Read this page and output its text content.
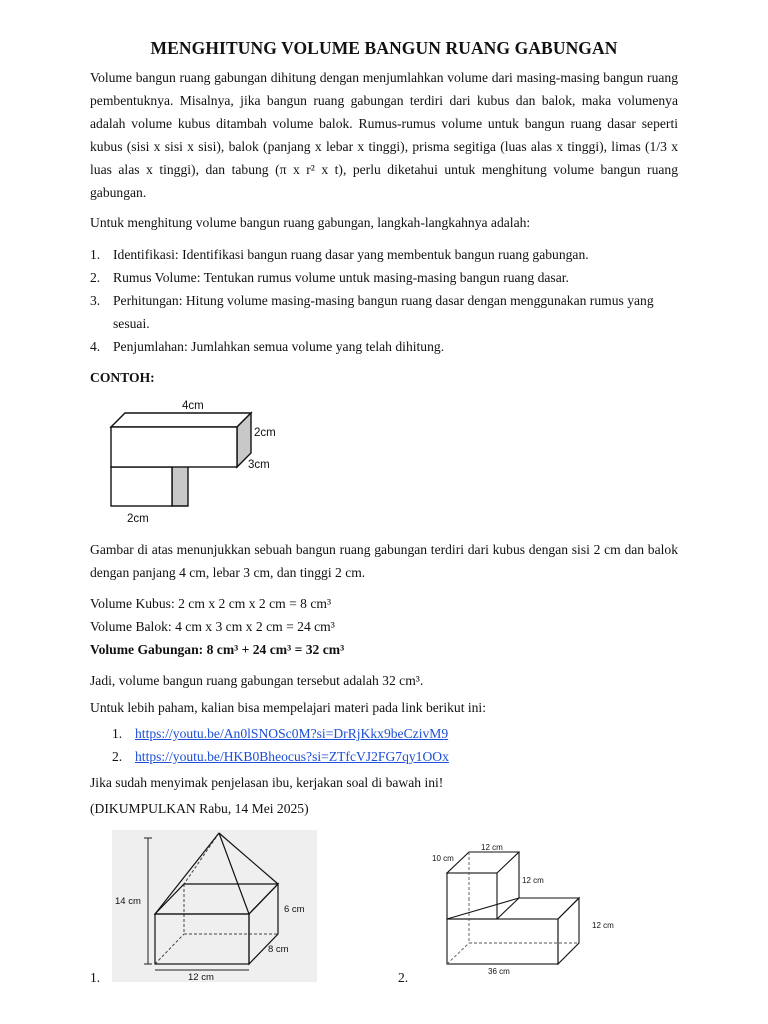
MENGHITUNG VOLUME BANGUN RUANG GABUNGAN

Volume bangun ruang gabungan dihitung dengan menjumlahkan volume dari masing-masing bangun ruang pembentuknya. Misalnya, jika bangun ruang gabungan terdiri dari kubus dan balok, maka volumenya adalah volume kubus ditambah volume balok. Rumus-rumus volume untuk bangun ruang dasar seperti kubus (sisi x sisi x sisi), balok (panjang x lebar x tinggi), prisma segitiga (luas alas x tinggi), limas (1/3 x luas alas x tinggi), dan tabung (π x r² x t), perlu diketahui untuk menghitung volume bangun ruang gabungan.

Untuk menghitung volume bangun ruang gabungan, langkah-langkahnya adalah:

1. Identifikasi: Identifikasi bangun ruang dasar yang membentuk bangun ruang gabungan.
2. Rumus Volume: Tentukan rumus volume untuk masing-masing bangun ruang dasar.
3. Perhitungan: Hitung volume masing-masing bangun ruang dasar dengan menggunakan rumus yang sesuai.
4. Penjumlahan: Jumlahkan semua volume yang telah dihitung.

CONTOH:

4cm
2cm
3cm
2cm

Gambar di atas menunjukkan sebuah bangun ruang gabungan terdiri dari kubus dengan sisi 2 cm dan balok dengan panjang 4 cm, lebar 3 cm, dan tinggi 2 cm.

Volume Kubus: 2 cm x 2 cm x 2 cm = 8 cm³

Volume Balok: 4 cm x 3 cm x 2 cm = 24 cm³

Volume Gabungan: 8 cm³ + 24 cm³ = 32 cm³

Jadi, volume bangun ruang gabungan tersebut adalah 32 cm³.

Untuk lebih paham, kalian bisa mempelajari materi pada link berikut ini:

1. https://youtu.be/An0lSNOSc0M?si=DrRjKkx9beCzivM9

2. https://youtu.be/HKB0Bheocus?si=ZTfcVJ2FG7qy1OOx

Jika sudah menyimak penjelasan ibu, kerjakan soal di bawah ini!

(DIKUMPULKAN Rabu, 14 Mei 2025)

1.

14 cm
6 cm
8 cm
12 cm	2.

12 cm
10 cm
12 cm
12 cm
36 cm
